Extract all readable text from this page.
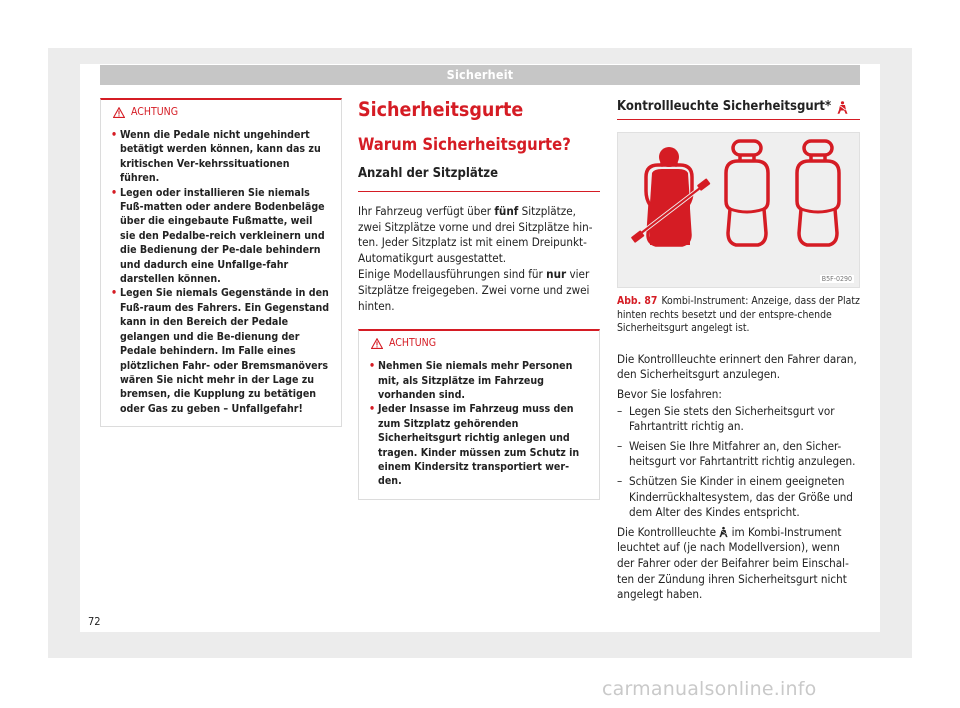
Sicherheit
ACHTUNG
• Wenn die Pedale nicht ungehindert betätigt werden können, kann das zu kritischen Ver-kehrssituationen führen.
• Legen oder installieren Sie niemals Fuß-matten oder andere Bodenbeläge über die eingebaute Fußmatte, weil sie den Pedalbe-reich verkleinern und die Bedienung der Pe-dale behindern und dadurch eine Unfallge-fahr darstellen können.
• Legen Sie niemals Gegenstände in den Fuß-raum des Fahrers. Ein Gegenstand kann in den Bereich der Pedale gelangen und die Be-dienung der Pedale behindern. Im Falle eines plötzlichen Fahr- oder Bremsmanövers wären Sie nicht mehr in der Lage zu bremsen, die Kupplung zu betätigen oder Gas zu geben – Unfallgefahr!
Sicherheitsgurte
Warum Sicherheitsgurte?
Anzahl der Sitzplätze

Ihr Fahrzeug verfügt über fünf Sitzplätze, zwei Sitzplätze vorne und drei Sitzplätze hin-ten. Jeder Sitzplatz ist mit einem Dreipunkt-Automatikgurt ausgestattet.

Einige Modellausführungen sind für nur vier Sitzplätze freigegeben. Zwei vorne und zwei hinten.

ACHTUNG
• Nehmen Sie niemals mehr Personen mit, als Sitzplätze im Fahrzeug vorhanden sind.
• Jeder Insasse im Fahrzeug muss den zum Sitzplatz gehörenden Sicherheitsgurt richtig anlegen und tragen. Kinder müssen zum Schutz in einem Kindersitz transportiert wer-den.
Kontrollleuchte Sicherheitsgurt*
B5F-0290

Abb. 87 Kombi-Instrument: Anzeige, dass der Platz hinten rechts besetzt und der entspre-chende Sicherheitsgurt angelegt ist.

Die Kontrollleuchte erinnert den Fahrer daran, den Sicherheitsgurt anzulegen.

Bevor Sie losfahren:

– Legen Sie stets den Sicherheitsgurt vor Fahrtantritt richtig an.
– Weisen Sie Ihre Mitfahrer an, den Sicher-heitsgurt vor Fahrtantritt richtig anzulegen.
– Schützen Sie Kinder in einem geeigneten Kinderrückhaltesystem, das der Größe und dem Alter des Kindes entspricht.

Die Kontrollleuchte im Kombi-Instrument leuchtet auf (je nach Modellversion), wenn der Fahrer oder der Beifahrer beim Einschal-ten der Zündung ihren Sicherheitsgurt nicht angelegt haben.

72
carmanualsonline.info
